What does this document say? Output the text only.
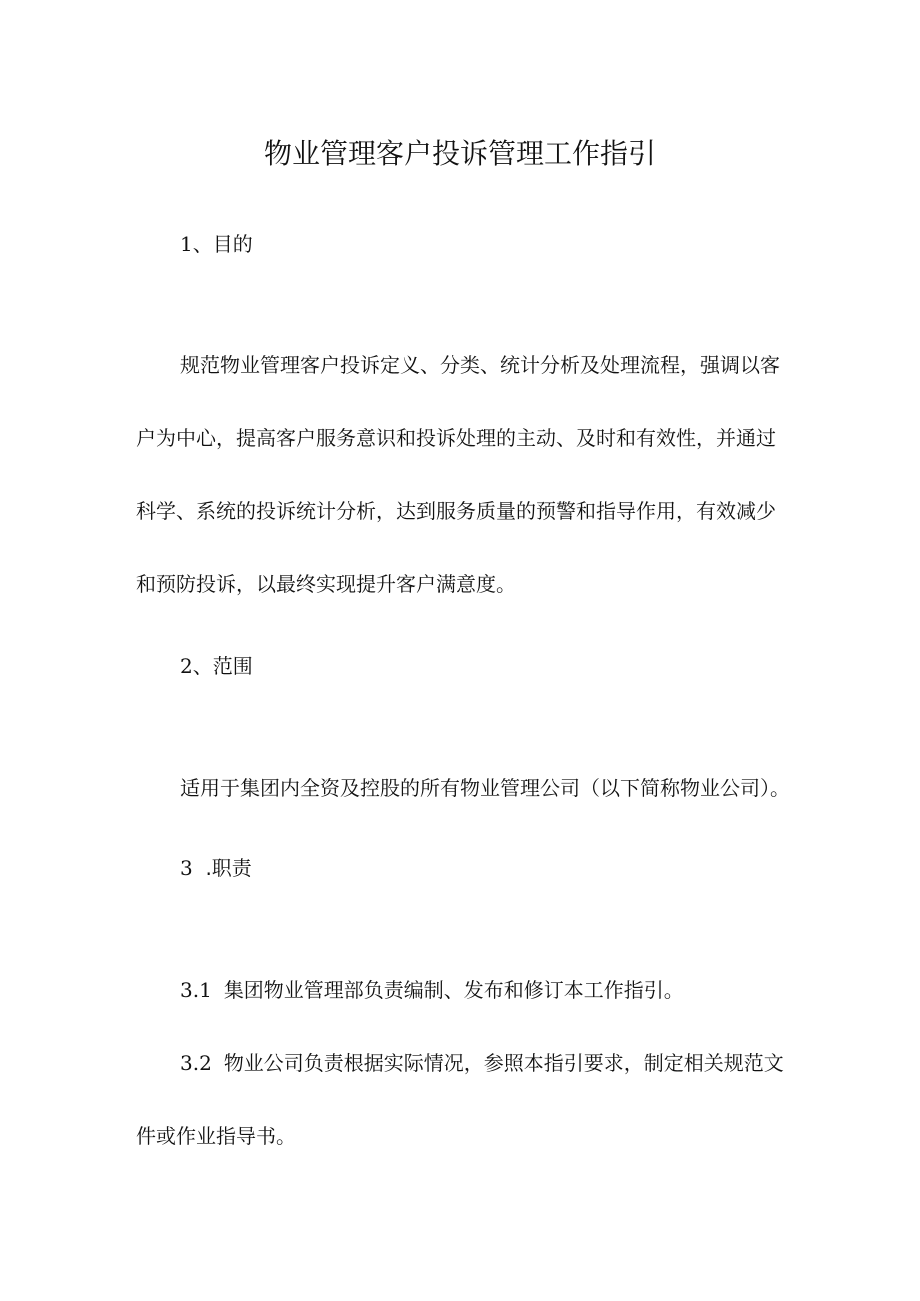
物业管理客户投诉管理工作指引

1、目的

规范物业管理客户投诉定义、分类、统计分析及处理流程，强调以客

户为中心，提高客户服务意识和投诉处理的主动、及时和有效性，并通过

科学、系统的投诉统计分析，达到服务质量的预警和指导作用，有效减少

和预防投诉，以最终实现提升客户满意度。

2、范围

适用于集团内全资及控股的所有物业管理公司（以下简称物业公司）。

3  .职责

3.1 集团物业管理部负责编制、发布和修订本工作指引。

3.2 物业公司负责根据实际情况，参照本指引要求，制定相关规范文

件或作业指导书。
